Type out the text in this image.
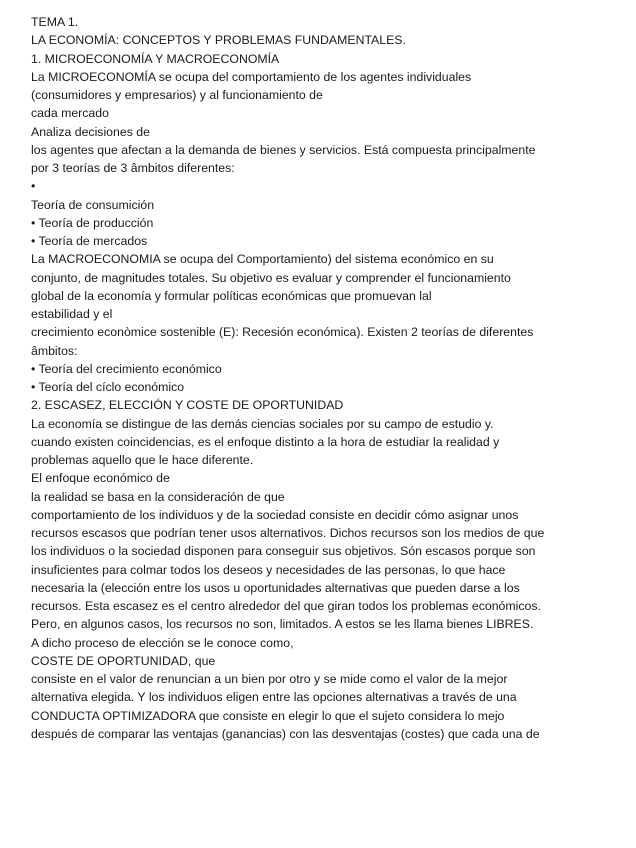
TEMA 1.
LA ECONOMÍA: CONCEPTOS Y PROBLEMAS FUNDAMENTALES.
1. MICROECONOMÍA Y MACROECONOMÍA
La MICROECONOMÍA se ocupa del comportamiento de los agentes individuales
(consumidores y empresarios) y al funcionamiento de
cada mercado
Analiza decisiones de
los agentes que afectan a la demanda de bienes y servicios. Está compuesta principalmente
por 3 teorías de 3 âmbitos diferentes:
•
Teoría de consumición
• Teoría de producción
• Teoría de mercados
La MACROECONOMIA se ocupa del Comportamiento) del sistema económico en su
conjunto, de magnitudes totales. Su objetivo es evaluar y comprender el funcionamiento
global de la economía y formular políticas económicas que promuevan lal
estabilidad y el
crecimiento econòmice sostenible (E): Recesión económica). Existen 2 teorías de diferentes
âmbitos:
• Teoría del crecimiento económico
• Teoría del cíclo económico
2. ESCASEZ, ELECCIÓN Y COSTE DE OPORTUNIDAD
La economía se distingue de las demás ciencias sociales por su campo de estudio y.
cuando existen coincidencias, es el enfoque distinto a la hora de estudiar la realidad y
problemas aquello que le hace diferente.
El enfoque económico de
la realidad se basa en la consideración de que
comportamiento de los individuos y de la sociedad consiste en decidir cómo asignar unos
recursos escasos que podrían tener usos alternativos. Dichos recursos son los medios de que
los individuos o la sociedad disponen para conseguir sus objetivos. Són escasos porque son
insuficientes para colmar todos los deseos y necesidades de las personas, lo que hace
necesaria la (elección entre los usos u oportunidades alternativas que pueden darse a los
recursos. Esta escasez es el centro alrededor del que giran todos los problemas económicos.
Pero, en algunos casos, los recursos no son, limitados. A estos se les llama bienes LIBRES.
A dicho proceso de elección se le conoce como,
COSTE DE OPORTUNIDAD, que
consiste en el valor de renuncian a un bien por otro y se mide como el valor de la mejor
alternativa elegida. Y los individuos eligen entre las opciones alternativas a través de una
CONDUCTA OPTIMIZADORA que consiste en elegir lo que el sujeto considera lo mejo
después de comparar las ventajas (ganancias) con las desventajas (costes) que cada una de
